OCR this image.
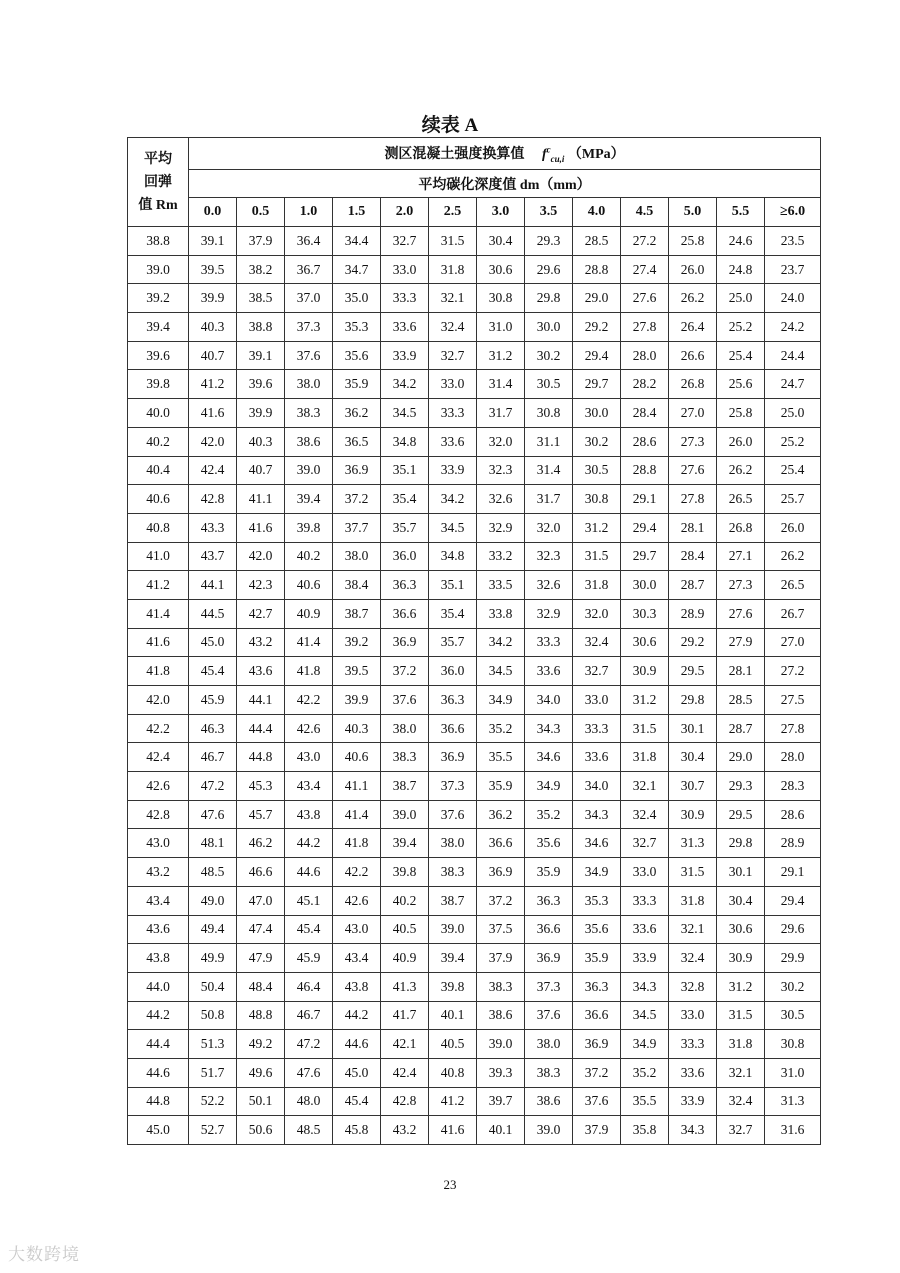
续表 A
平均
回弹
值 Rm	测区混凝土强度换算值 $f^c_{cu,i}$ （MPa）												
	平均碳化深度值 dm（mm）												
	0.0	0.5	1.0	1.5	2.0	2.5	3.0	3.5	4.0	4.5	5.0	5.5	≥6.0
38.8	39.1	37.9	36.4	34.4	32.7	31.5	30.4	29.3	28.5	27.2	25.8	24.6	23.5
39.0	39.5	38.2	36.7	34.7	33.0	31.8	30.6	29.6	28.8	27.4	26.0	24.8	23.7
39.2	39.9	38.5	37.0	35.0	33.3	32.1	30.8	29.8	29.0	27.6	26.2	25.0	24.0
39.4	40.3	38.8	37.3	35.3	33.6	32.4	31.0	30.0	29.2	27.8	26.4	25.2	24.2
39.6	40.7	39.1	37.6	35.6	33.9	32.7	31.2	30.2	29.4	28.0	26.6	25.4	24.4
39.8	41.2	39.6	38.0	35.9	34.2	33.0	31.4	30.5	29.7	28.2	26.8	25.6	24.7
40.0	41.6	39.9	38.3	36.2	34.5	33.3	31.7	30.8	30.0	28.4	27.0	25.8	25.0
40.2	42.0	40.3	38.6	36.5	34.8	33.6	32.0	31.1	30.2	28.6	27.3	26.0	25.2
40.4	42.4	40.7	39.0	36.9	35.1	33.9	32.3	31.4	30.5	28.8	27.6	26.2	25.4
40.6	42.8	41.1	39.4	37.2	35.4	34.2	32.6	31.7	30.8	29.1	27.8	26.5	25.7
40.8	43.3	41.6	39.8	37.7	35.7	34.5	32.9	32.0	31.2	29.4	28.1	26.8	26.0
41.0	43.7	42.0	40.2	38.0	36.0	34.8	33.2	32.3	31.5	29.7	28.4	27.1	26.2
41.2	44.1	42.3	40.6	38.4	36.3	35.1	33.5	32.6	31.8	30.0	28.7	27.3	26.5
41.4	44.5	42.7	40.9	38.7	36.6	35.4	33.8	32.9	32.0	30.3	28.9	27.6	26.7
41.6	45.0	43.2	41.4	39.2	36.9	35.7	34.2	33.3	32.4	30.6	29.2	27.9	27.0
41.8	45.4	43.6	41.8	39.5	37.2	36.0	34.5	33.6	32.7	30.9	29.5	28.1	27.2
42.0	45.9	44.1	42.2	39.9	37.6	36.3	34.9	34.0	33.0	31.2	29.8	28.5	27.5
42.2	46.3	44.4	42.6	40.3	38.0	36.6	35.2	34.3	33.3	31.5	30.1	28.7	27.8
42.4	46.7	44.8	43.0	40.6	38.3	36.9	35.5	34.6	33.6	31.8	30.4	29.0	28.0
42.6	47.2	45.3	43.4	41.1	38.7	37.3	35.9	34.9	34.0	32.1	30.7	29.3	28.3
42.8	47.6	45.7	43.8	41.4	39.0	37.6	36.2	35.2	34.3	32.4	30.9	29.5	28.6
43.0	48.1	46.2	44.2	41.8	39.4	38.0	36.6	35.6	34.6	32.7	31.3	29.8	28.9
43.2	48.5	46.6	44.6	42.2	39.8	38.3	36.9	35.9	34.9	33.0	31.5	30.1	29.1
43.4	49.0	47.0	45.1	42.6	40.2	38.7	37.2	36.3	35.3	33.3	31.8	30.4	29.4
43.6	49.4	47.4	45.4	43.0	40.5	39.0	37.5	36.6	35.6	33.6	32.1	30.6	29.6
43.8	49.9	47.9	45.9	43.4	40.9	39.4	37.9	36.9	35.9	33.9	32.4	30.9	29.9
44.0	50.4	48.4	46.4	43.8	41.3	39.8	38.3	37.3	36.3	34.3	32.8	31.2	30.2
44.2	50.8	48.8	46.7	44.2	41.7	40.1	38.6	37.6	36.6	34.5	33.0	31.5	30.5
44.4	51.3	49.2	47.2	44.6	42.1	40.5	39.0	38.0	36.9	34.9	33.3	31.8	30.8
44.6	51.7	49.6	47.6	45.0	42.4	40.8	39.3	38.3	37.2	35.2	33.6	32.1	31.0
44.8	52.2	50.1	48.0	45.4	42.8	41.2	39.7	38.6	37.6	35.5	33.9	32.4	31.3
45.0	52.7	50.6	48.5	45.8	43.2	41.6	40.1	39.0	37.9	35.8	34.3	32.7	31.6
23
大数跨境
